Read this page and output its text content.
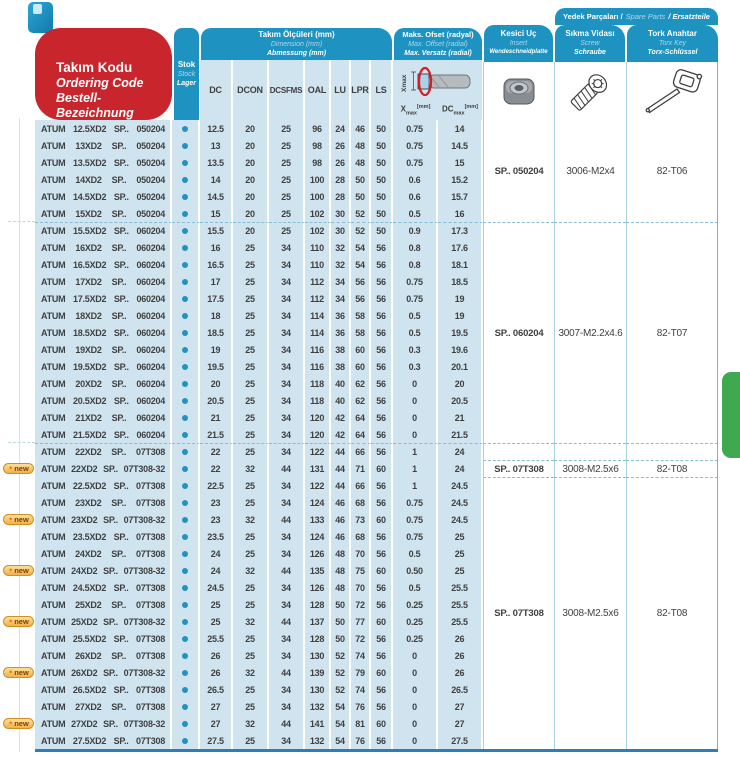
Takım Kodu
Ordering Code
Bestell-Bezeichnung
Stok
Stock
Lager
Takım Ölçüleri (mm)
Dimension (mm)
Abmessung (mm)
DC	DCON DCSFMS OAL LU LPR LS
Maks. Ofset (radyal)
Max. Offset (radial)
Max. Versatz (radial)
Xmax
$X_{max}[mm]$	$DC_{max}[mm]$
Kesici Uç
Insert
Wendeschneidplatte
Yedek Parçaları / Spare Parts / Ersatzteile
Sıkma Vidası
Screw
Schraube
Tork Anahtar
Torx Key
Torx-Schlüssel
ATUM 12.5XD2 SP.. 050204	12.5	20	25	96	24	46	50	0.75	14
ATUM 13XD2 SP.. 050204	13	20	25	98	26	48	50	0.75	14.5
ATUM 13.5XD2 SP.. 050204	13.5	20	25	98	26	48	50	0.75	15
ATUM 14XD2 SP.. 050204	14	20	25	100	28	50	50	0.6	15.2
ATUM 14.5XD2 SP.. 050204	14.5	20	25	100	28	50	50	0.6	15.7
ATUM 15XD2 SP.. 050204	15	20	25	102	30	52	50	0.5	16
SP.. 050204	3006-M2x4	82-T06
ATUM 15.5XD2 SP.. 060204	15.5	20	25	102	30	52	50	0.9	17.3
ATUM 16XD2 SP.. 060204	16	25	34	110	32	54	56	0.8	17.6
ATUM 16.5XD2 SP.. 060204	16.5	25	34	110	32	54	56	0.8	18.1
ATUM 17XD2 SP.. 060204	17	25	34	112	34	56	56	0.75	18.5
ATUM 17.5XD2 SP.. 060204	17.5	25	34	112	34	56	56	0.75	19
ATUM 18XD2 SP.. 060204	18	25	34	114	36	58	56	0.5	19
ATUM 18.5XD2 SP.. 060204	18.5	25	34	114	36	58	56	0.5	19.5
ATUM 19XD2 SP.. 060204	19	25	34	116	38	60	56	0.3	19.6
ATUM 19.5XD2 SP.. 060204	19.5	25	34	116	38	60	56	0.3	20.1
ATUM 20XD2 SP.. 060204	20	25	34	118	40	62	56	0	20
ATUM 20.5XD2 SP.. 060204	20.5	25	34	118	40	62	56	0	20.5
ATUM 21XD2 SP.. 060204	21	25	34	120	42	64	56	0	21
ATUM 21.5XD2 SP.. 060204	21.5	25	34	120	42	64	56	0	21.5
SP.. 060204	3007-M2.2x4.6	82-T07
ATUM 22XD2 SP.. 07T308	22	25	34	122	44	66	56	1	24
ATUM 22XD2 SP.. 07T308-32	22	32	44	131	44	71	60	1	24
ATUM 22.5XD2 SP.. 07T308	22.5	25	34	122	44	66	56	1	24.5
ATUM 23XD2 SP.. 07T308	23	25	34	124	46	68	56	0.75	24.5
ATUM 23XD2 SP.. 07T308-32	23	32	44	133	46	73	60	0.75	24.5
ATUM 23.5XD2 SP.. 07T308	23.5	25	34	124	46	68	56	0.75	25
ATUM 24XD2 SP.. 07T308	24	25	34	126	48	70	56	0.5	25
ATUM 24XD2 SP.. 07T308-32	24	32	44	135	48	75	60	0.50	25
ATUM 24.5XD2 SP.. 07T308	24.5	25	34	126	48	70	56	0.5	25.5
ATUM 25XD2 SP.. 07T308	25	25	34	128	50	72	56	0.25	25.5
ATUM 25XD2 SP.. 07T308-32	25	32	44	137	50	77	60	0.25	25.5
ATUM 25.5XD2 SP.. 07T308	25.5	25	34	128	50	72	56	0.25	26
ATUM 26XD2 SP.. 07T308	26	25	34	130	52	74	56	0	26
ATUM 26XD2 SP.. 07T308-32	26	32	44	139	52	79	60	0	26
ATUM 26.5XD2 SP.. 07T308	26.5	25	34	130	52	74	56	0	26.5
ATUM 27XD2 SP.. 07T308	27	25	34	132	54	76	56	0	27
ATUM 27XD2 SP.. 07T308-32	27	32	44	141	54	81	60	0	27
ATUM 27.5XD2 SP.. 07T308	27.5	25	34	132	54	76	56	0	27.5
SP.. 07T308	3008-M2.5x6	82-T08
SP.. 07T308	3008-M2.5x6	82-T08
✶ new
✶ new
✶ new
✶ new
✶ new
✶ new
